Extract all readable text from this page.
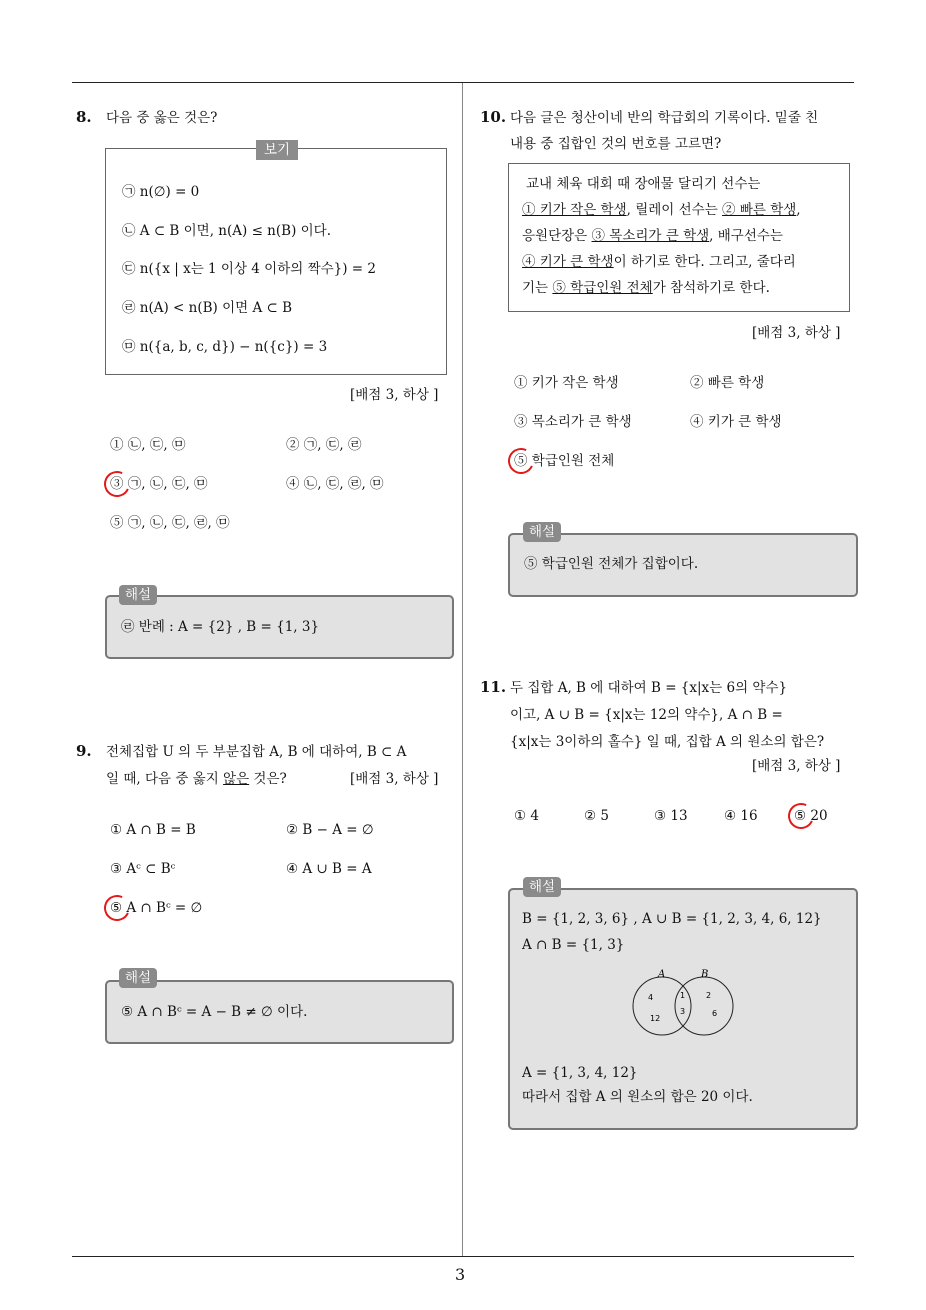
3
8. 다음 중 옳은 것은?
보기
㉠ n(∅) = 0
㉡ A ⊂ B 이면, n(A) ≤ n(B) 이다.
㉢ n({x | x는 1 이상 4 이하의 짝수}) = 2
㉣ n(A) < n(B) 이면 A ⊂ B
㉤ n({a, b, c, d}) − n({c}) = 3
[배점 3, 하상 ]
① ㉡, ㉢, ㉤	② ㉠, ㉢, ㉣
③ ㉠, ㉡, ㉢, ㉤	④ ㉡, ㉢, ㉣, ㉤
⑤ ㉠, ㉡, ㉢, ㉣, ㉤
해설
㉣ 반례 : A = {2} , B = {1, 3}
9. 전체집합 U 의 두 부분집합 A, B 에 대하여, B ⊂ A
일 때, 다음 중 옳지 않은 것은?	[배점 3, 하상 ]
① A ∩ B = B	② B − A = ∅
③ Aᶜ ⊂ Bᶜ	④ A ∪ B = A
⑤ A ∩ Bᶜ = ∅
해설
⑤ A ∩ Bᶜ = A − B ≠ ∅ 이다.
10. 다음 글은 청산이네 반의 학급회의 기록이다. 밑줄 친
내용 중 집합인 것의 번호를 고르면?
교내 체육 대회 때 장애물 달리기 선수는
① 키가 작은 학생, 릴레이 선수는 ② 빠른 학생,
응원단장은 ③ 목소리가 큰 학생, 배구선수는
④ 키가 큰 학생이 하기로 한다. 그리고, 줄다리
기는 ⑤ 학급인원 전체가 참석하기로 한다.
[배점 3, 하상 ]
① 키가 작은 학생	② 빠른 학생
③ 목소리가 큰 학생	④ 키가 큰 학생
⑤ 학급인원 전체
해설
⑤ 학급인원 전체가 집합이다.
11. 두 집합 A, B 에 대하여 B = {x|x는 6의 약수}
이고, A ∪ B = {x|x는 12의 약수}, A ∩ B =
{x|x는 3이하의 홀수} 일 때, 집합 A 의 원소의 합은?
[배점 3, 하상 ]
① 4	② 5	③ 13	④ 16	⑤ 20
해설
B = {1, 2, 3, 6} , A ∪ B = {1, 2, 3, 4, 6, 12}
A ∩ B = {1, 3}
A	B
4
12
1
3
2
6
A = {1, 3, 4, 12}
따라서 집합 A 의 원소의 합은 20 이다.
